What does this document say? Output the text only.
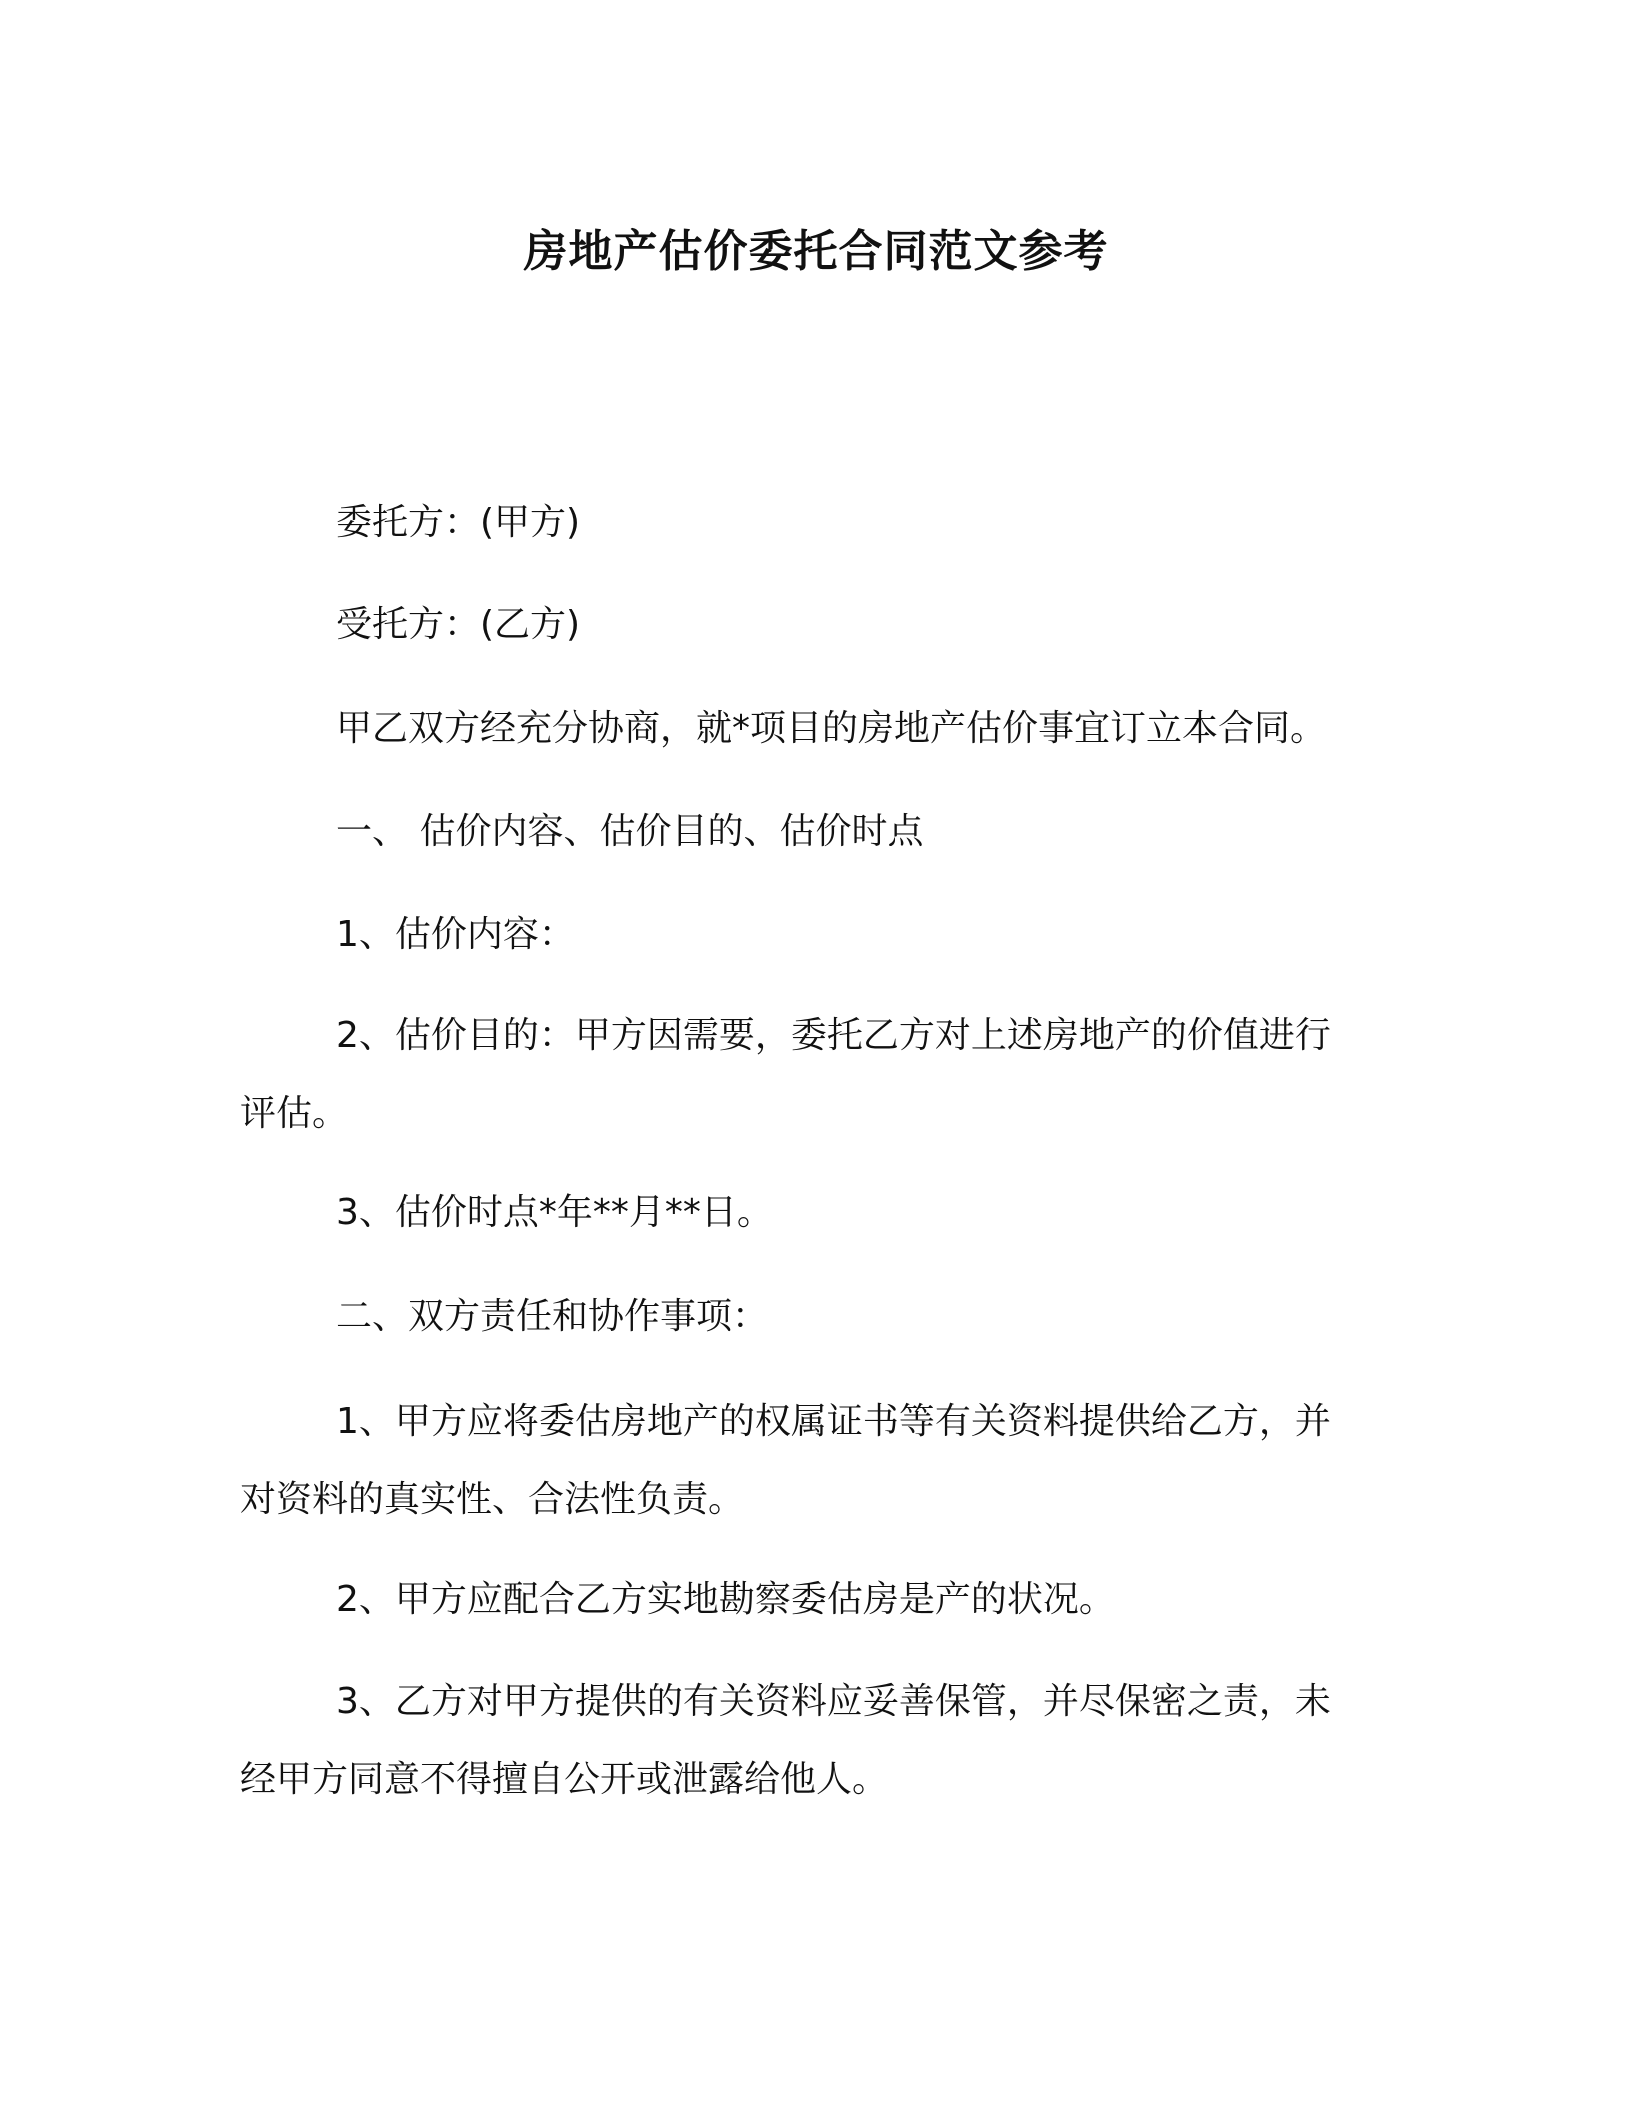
房地产估价委托合同范文参考

委托方：(甲方)

受托方：(乙方)

甲乙双方经充分协商，就*项目的房地产估价事宜订立本合同。

一、 估价内容、估价目的、估价时点

1、估价内容：

2、估价目的：甲方因需要，委托乙方对上述房地产的价值进行评估。

3、估价时点*年**月**日。

二、双方责任和协作事项：

1、甲方应将委估房地产的权属证书等有关资料提供给乙方，并对资料的真实性、合法性负责。

2、甲方应配合乙方实地勘察委估房是产的状况。

3、乙方对甲方提供的有关资料应妥善保管，并尽保密之责，未经甲方同意不得擅自公开或泄露给他人。
